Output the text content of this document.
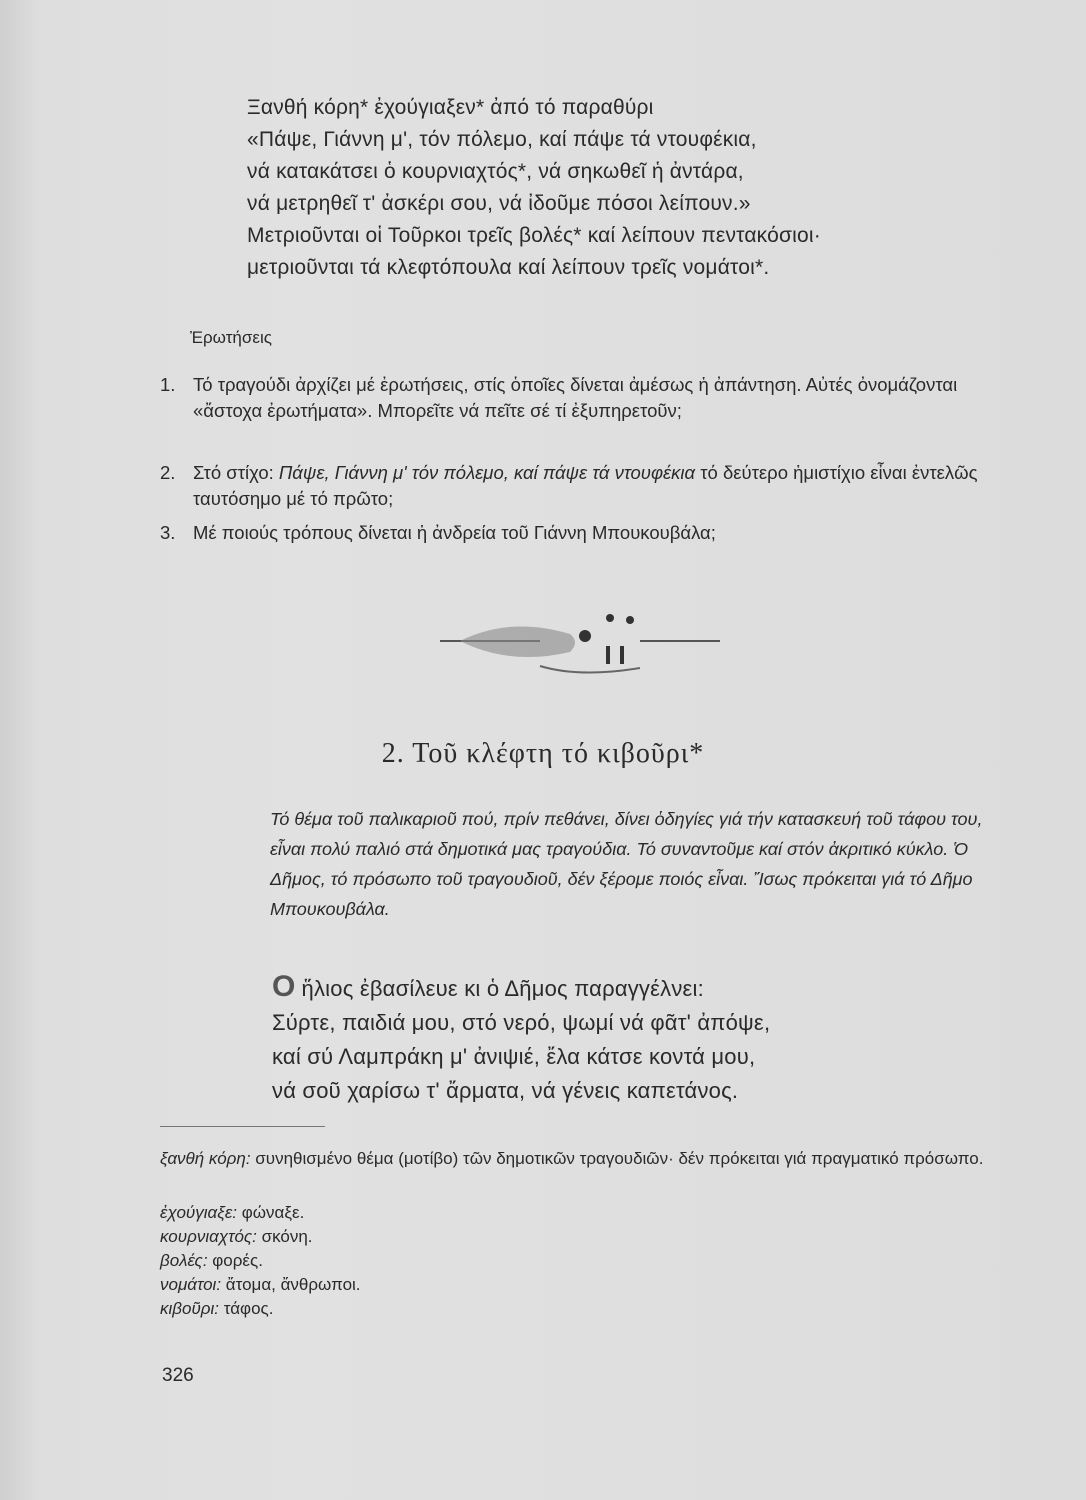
Ξανθή κόρη* ἐχούγιαξεν* ἀπό τό παραθύρι
«Πάψε, Γιάννη μ', τόν πόλεμο, καί πάψε τά ντουφέκια,
νά κατακάτσει ὁ κουρνιαχτός*, νά σηκωθεῖ ἡ ἀντάρα,
νά μετρηθεῖ τ' ἀσκέρι σου, νά ἰδοῦμε πόσοι λείπουν.»
Μετριοῦνται οἱ Τοῦρκοι τρεῖς βολές* καί λείπουν πεντακόσιοι·
μετριοῦνται τά κλεφτόπουλα καί λείπουν τρεῖς νομάτοι*.
Ἐρωτήσεις
1. Τό τραγούδι ἀρχίζει μέ ἐρωτήσεις, στίς ὁποῖες δίνεται ἀμέσως ἡ ἀπάντηση. Αὐτές ὀνομάζονται «ἄστοχα ἐρωτήματα». Μπορεῖτε νά πεῖτε σέ τί ἐξυπηρετοῦν;
2. Στό στίχο: Πάψε, Γιάννη μ' τόν πόλεμο, καί πάψε τά ντουφέκια τό δεύτερο ἡμιστίχιο εἶναι ἐντελῶς ταυτόσημο μέ τό πρῶτο;
3. Μέ ποιούς τρόπους δίνεται ἡ ἀνδρεία τοῦ Γιάννη Μπουκουβάλα;
2. Τοῦ κλέφτη τό κιβοῦρι*
Τό θέμα τοῦ παλικαριοῦ πού, πρίν πεθάνει, δίνει ὁδηγίες γιά τήν κατασκευή τοῦ τάφου του, εἶναι πολύ παλιό στά δημοτικά μας τραγούδια. Τό συναντοῦμε καί στόν ἀκριτικό κύκλο. Ὁ Δῆμος, τό πρόσωπο τοῦ τραγουδιοῦ, δέν ξέρομε ποιός εἶναι. Ἴσως πρόκειται γιά τό Δῆμο Μπουκουβάλα.
Ο ἥλιος ἐβασίλευε κι ὁ Δῆμος παραγγέλνει:
Σύρτε, παιδιά μου, στό νερό, ψωμί νά φᾶτ' ἀπόψε,
καί σύ Λαμπράκη μ' ἀνιψιέ, ἔλα κάτσε κοντά μου,
νά σοῦ χαρίσω τ' ἄρματα, νά γένεις καπετάνος.
ξανθή κόρη: συνηθισμένο θέμα (μοτίβο) τῶν δημοτικῶν τραγουδιῶν· δέν πρόκειται γιά πραγματικό πρόσωπο.
ἐχούγιαξε: φώναξε.
κουρνιαχτός: σκόνη.
βολές: φορές.
νομάτοι: ἄτομα, ἄνθρωποι.
κιβοῦρι: τάφος.
326
